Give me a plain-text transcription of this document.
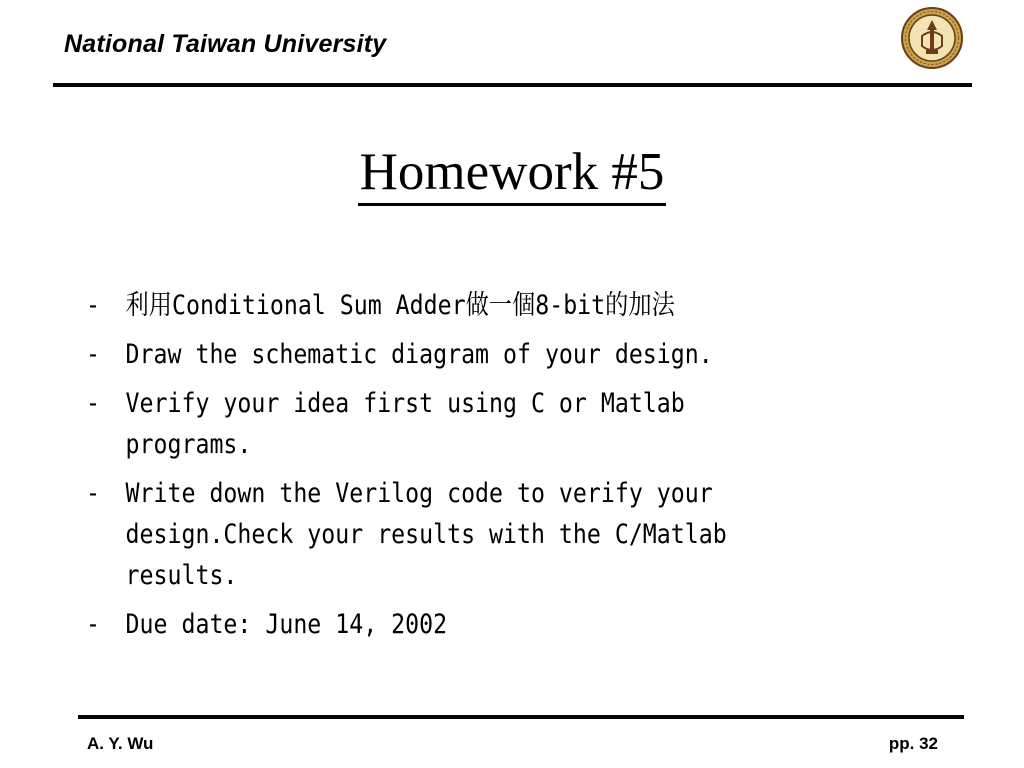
National Taiwan University
Homework #5
- 利用Conditional Sum Adder做一個8-bit的加法
- Draw the schematic diagram of your design.
- Verify your idea first using C or Matlab programs.
- Write down the Verilog code to verify your design.Check your results with the C/Matlab results.
- Due date: June 14, 2002
A. Y. Wu	pp. 32
